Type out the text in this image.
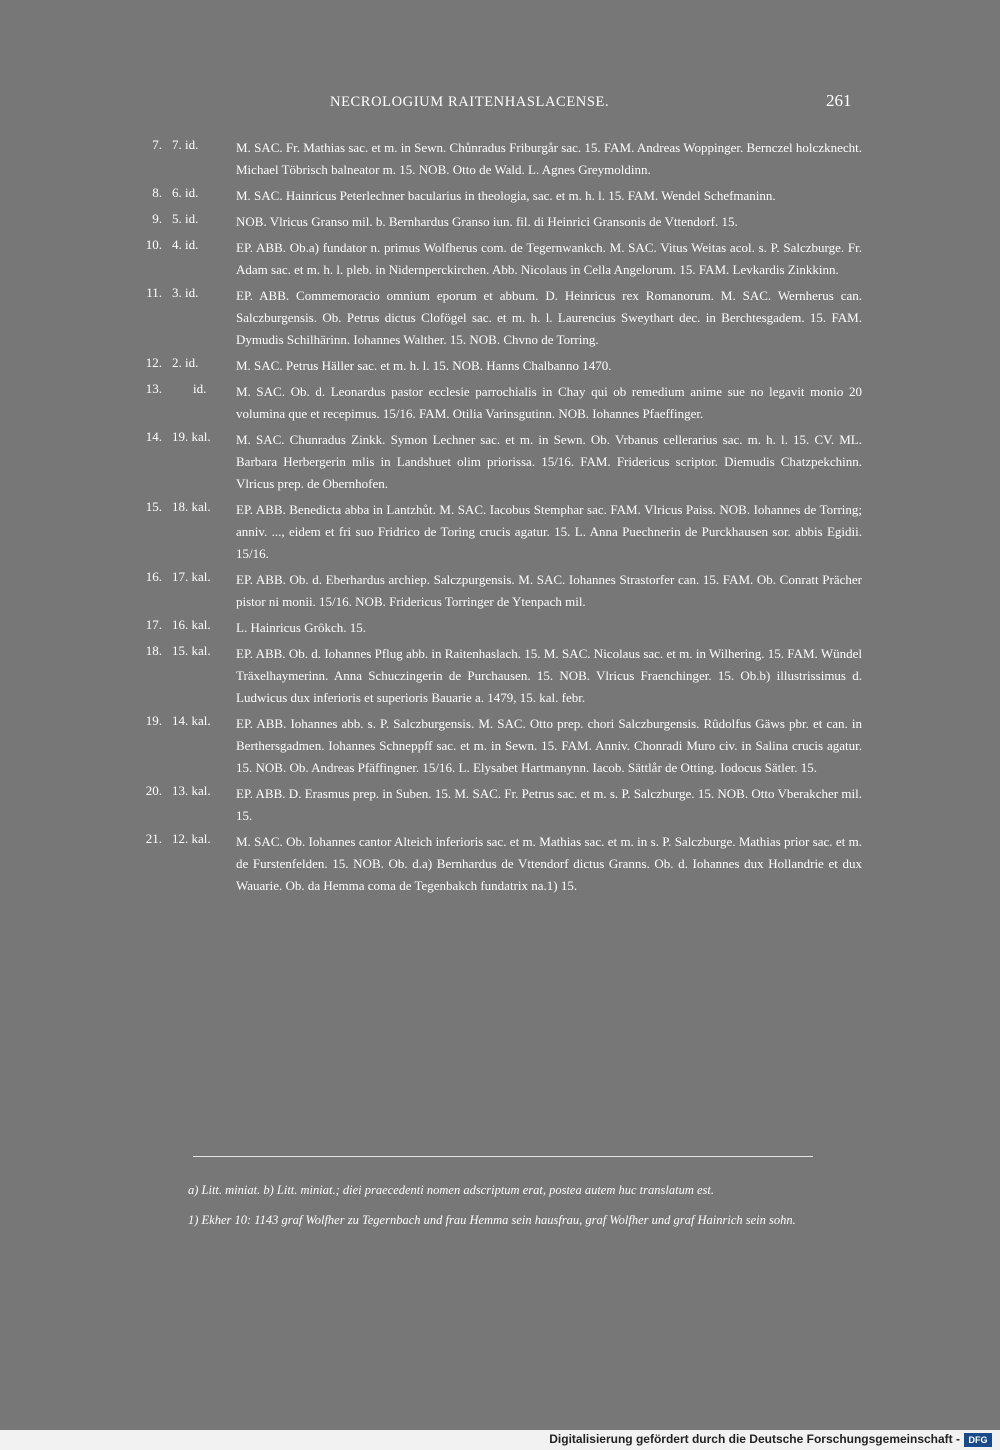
NECROLOGIUM RAITENHASLACENSE.	261
7. 7. id.	M. SAC. Fr. Mathias sac. et m. in Sewn. Chůnradus Friburgår sac. 15. FAM. Andreas Woppinger. Bernczel holczknecht. Michael Töbrisch balneator m. 15. NOB. Otto de Wald. L. Agnes Greymoldinn.
8. 6. id.	M. SAC. Hainricus Peterlechner bacularius in theologia, sac. et m. h. l. 15. FAM. Wendel Schefmaninn.
9. 5. id.	NOB. Vlricus Granso mil. b. Bernhardus Granso iun. fil. di Heinrici Gransonis de Vttendorf. 15.
10. 4. id.	EP. ABB. Ob.a) fundator n. primus Wolfherus com. de Tegernwankch. M. SAC. Vitus Weitas acol. s. P. Salczburge. Fr. Adam sac. et m. h. l. pleb. in Nidernperckirchen. Abb. Nicolaus in Cella Angelorum. 15. FAM. Levkardis Zinkkinn.
11. 3. id.	EP. ABB. Commemoracio omnium eporum et abbum. D. Heinricus rex Romanorum. M. SAC. Wernherus can. Salczburgensis. Ob. Petrus dictus Clofögel sac. et m. h. l. Laurencius Sweythart dec. in Berchtesgadem. 15. FAM. Dymudis Schilhärinn. Iohannes Walther. 15. NOB. Chvno de Torring.
12. 2. id.	M. SAC. Petrus Häller sac. et m. h. l. 15. NOB. Hanns Chalbanno 1470.
13. id.	M. SAC. Ob. d. Leonardus pastor ecclesie parrochialis in Chay qui ob remedium anime sue no legavit monio 20 volumina que et recepimus. 15/16. FAM. Otilia Varinsgutinn. NOB. Iohannes Pfaeffinger.
14. 19. kal.	M. SAC. Chunradus Zinkk. Symon Lechner sac. et m. in Sewn. Ob. Vrbanus cellerarius sac. m. h. l. 15. CV. ML. Barbara Herbergerin mlis in Landshuet olim priorissa. 15/16. FAM. Fridericus scriptor. Diemudis Chatzpekchinn. Vlricus prep. de Obernhofen.
15. 18. kal.	EP. ABB. Benedicta abba in Lantzhůt. M. SAC. Iacobus Stemphar sac. FAM. Vlricus Paiss. NOB. Iohannes de Torring; anniv. ..., eidem et fri suo Fridrico de Toring crucis agatur. 15. L. Anna Puechnerin de Purckhausen sor. abbis Egidii. 15/16.
16. 17. kal.	EP. ABB. Ob. d. Eberhardus archiep. Salczpurgensis. M. SAC. Iohannes Strastorfer can. 15. FAM. Ob. Conratt Prächer pistor ni monii. 15/16. NOB. Fridericus Torringer de Ytenpach mil.
17. 16. kal.	L. Hainricus Grôkch. 15.
18. 15. kal.	EP. ABB. Ob. d. Iohannes Pflug abb. in Raitenhaslach. 15. M. SAC. Nicolaus sac. et m. in Wilhering. 15. FAM. Wündel Träxelhaymerinn. Anna Schuczingerin de Purchausen. 15. NOB. Vlricus Fraenchinger. 15. Ob.b) illustrissimus d. Ludwicus dux inferioris et superioris Bauarie a. 1479, 15. kal. febr.
19. 14. kal.	EP. ABB. Iohannes abb. s. P. Salczburgensis. M. SAC. Otto prep. chori Salczburgensis. Rûdolfus Gäws pbr. et can. in Berthersgadmen. Iohannes Schneppff sac. et m. in Sewn. 15. FAM. Anniv. Chonradi Muro civ. in Salina crucis agatur. 15. NOB. Ob. Andreas Pfäffingner. 15/16. L. Elysabet Hartmanynn. Iacob. Sättlår de Otting. Iodocus Sätler. 15.
20. 13. kal.	EP. ABB. D. Erasmus prep. in Suben. 15. M. SAC. Fr. Petrus sac. et m. s. P. Salczburge. 15. NOB. Otto Vberakcher mil. 15.
21. 12. kal.	M. SAC. Ob. Iohannes cantor Alteich inferioris sac. et m. Mathias sac. et m. in s. P. Salczburge. Mathias prior sac. et m. de Furstenfelden. 15. NOB. Ob. d.a) Bernhardus de Vttendorf dictus Granns. Ob. d. Iohannes dux Hollandrie et dux Wauarie. Ob. da Hemma coma de Tegenbakch fundatrix na.1) 15.

a) Litt. miniat. b) Litt. miniat.; diei praecedenti nomen adscriptum erat, postea autem huc translatum est.

1) Ekher 10: 1143 graf Wolfher zu Tegernbach und frau Hemma sein hausfrau, graf Wolfher und graf Hainrich sein sohn.

Digitalisierung gefördert durch die Deutsche Forschungsgemeinschaft - DFG
